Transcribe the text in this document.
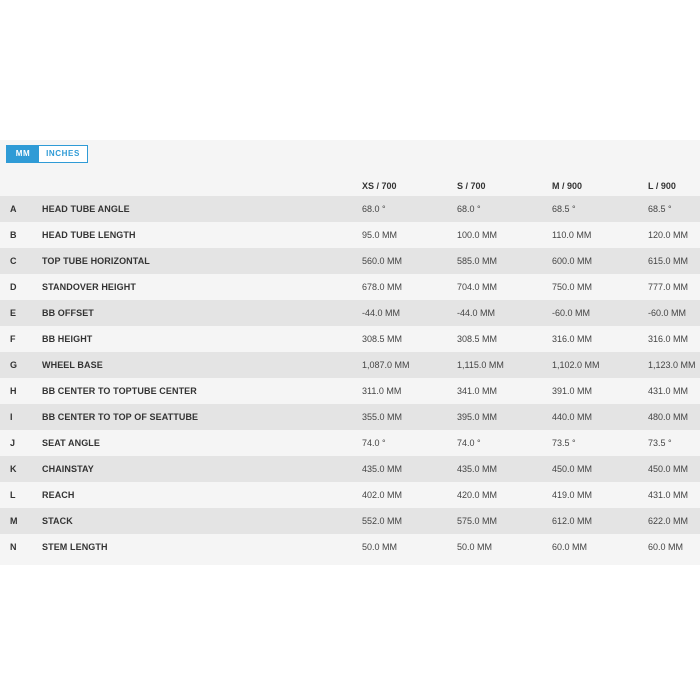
MM	INCHES
XS / 700	S / 700	M / 900	L / 900
A	HEAD TUBE ANGLE	68.0 °	68.0 °	68.5 °	68.5 °
B	HEAD TUBE LENGTH	95.0 MM	100.0 MM	110.0 MM	120.0 MM
C	TOP TUBE HORIZONTAL	560.0 MM	585.0 MM	600.0 MM	615.0 MM
D	STANDOVER HEIGHT	678.0 MM	704.0 MM	750.0 MM	777.0 MM
E	BB OFFSET	-44.0 MM	-44.0 MM	-60.0 MM	-60.0 MM
F	BB HEIGHT	308.5 MM	308.5 MM	316.0 MM	316.0 MM
G	WHEEL BASE	1,087.0 MM	1,115.0 MM	1,102.0 MM	1,123.0 MM
H	BB CENTER TO TOPTUBE CENTER	311.0 MM	341.0 MM	391.0 MM	431.0 MM
I	BB CENTER TO TOP OF SEATTUBE	355.0 MM	395.0 MM	440.0 MM	480.0 MM
J	SEAT ANGLE	74.0 °	74.0 °	73.5 °	73.5 °
K	CHAINSTAY	435.0 MM	435.0 MM	450.0 MM	450.0 MM
L	REACH	402.0 MM	420.0 MM	419.0 MM	431.0 MM
M	STACK	552.0 MM	575.0 MM	612.0 MM	622.0 MM
N	STEM LENGTH	50.0 MM	50.0 MM	60.0 MM	60.0 MM
